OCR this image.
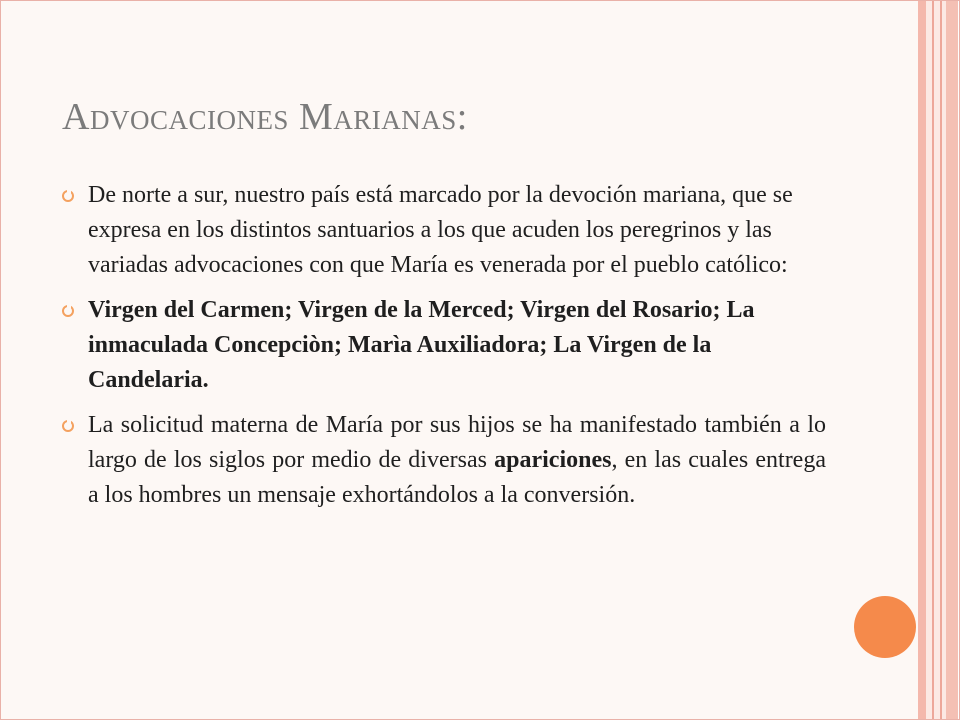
Advocaciones Marianas:
De norte a sur, nuestro país está marcado por la devoción mariana, que se expresa en los distintos santuarios a los que acuden los peregrinos y las variadas advocaciones con que María es venerada por el pueblo católico:
Virgen del Carmen; Virgen de la Merced; Virgen del Rosario; La inmaculada Concepciòn; Marìa Auxiliadora; La Virgen de la Candelaria.
La solicitud materna de María por sus hijos se ha manifestado también a lo largo de los siglos por medio de diversas apariciones, en las cuales entrega a los hombres un mensaje exhortándolos a la conversión.
